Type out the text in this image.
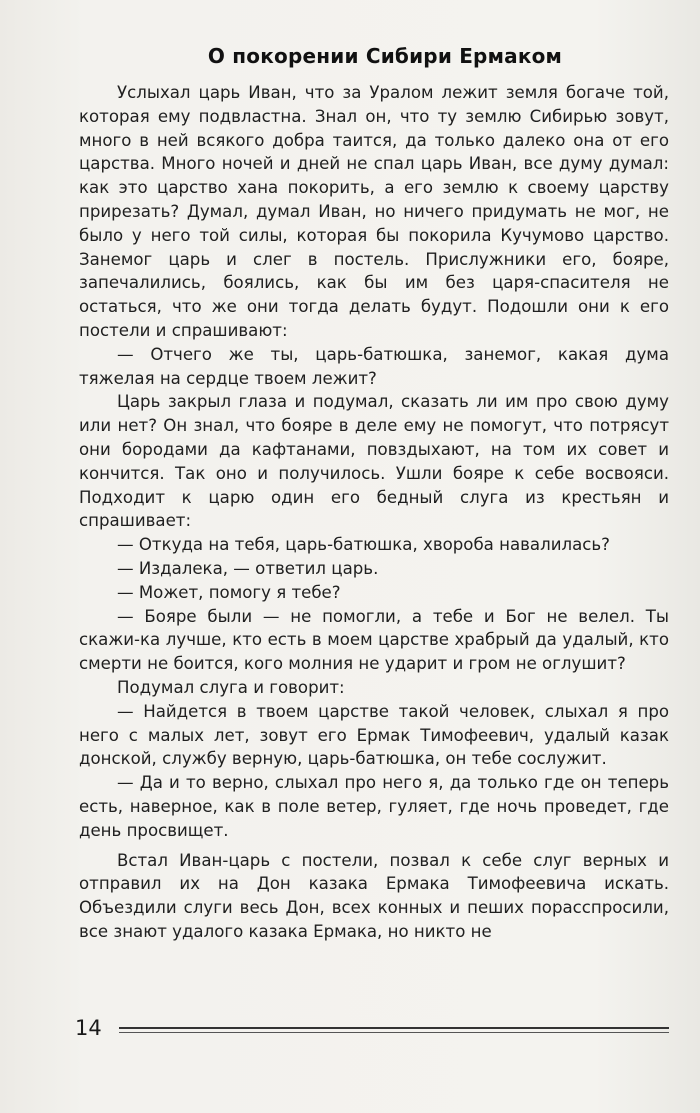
О покорении Сибири Ермаком

Услыхал царь Иван, что за Уралом лежит земля богаче той, которая ему подвластна. Знал он, что ту землю Сибирью зовут, много в ней всякого добра таится, да только далеко она от его царства. Много ночей и дней не спал царь Иван, все думу думал: как это царство хана покорить, а его землю к своему царству прирезать? Думал, думал Иван, но ничего придумать не мог, не было у него той силы, которая бы покорила Кучумово царство. Занемог царь и слег в постель. Прислужники его, бояре, запечалились, боялись, как бы им без царя-спасителя не остаться, что же они тогда делать будут. Подошли они к его постели и спрашивают:

— Отчего же ты, царь-батюшка, занемог, какая дума тяжелая на сердце твоем лежит?

Царь закрыл глаза и подумал, сказать ли им про свою думу или нет? Он знал, что бояре в деле ему не помогут, что потрясут они бородами да кафтанами, повздыхают, на том их совет и кончится. Так оно и получилось. Ушли бояре к себе восвояси. Подходит к царю один его бедный слуга из крестьян и спрашивает:

— Откуда на тебя, царь-батюшка, хвороба навалилась?

— Издалека, — ответил царь.

— Может, помогу я тебе?

— Бояре были — не помогли, а тебе и Бог не велел. Ты скажи-ка лучше, кто есть в моем царстве храбрый да удалый, кто смерти не боится, кого молния не ударит и гром не оглушит?

Подумал слуга и говорит:

— Найдется в твоем царстве такой человек, слыхал я про него с малых лет, зовут его Ермак Тимофеевич, удалый казак донской, службу верную, царь-батюшка, он тебе сослужит.

— Да и то верно, слыхал про него я, да только где он теперь есть, наверное, как в поле ветер, гуляет, где ночь проведет, где день просвищет.

Встал Иван-царь с постели, позвал к себе слуг верных и отправил их на Дон казака Ермака Тимофеевича искать. Объездили слуги весь Дон, всех конных и пеших порасспросили, все знают удалого казака Ермака, но никто не

14
